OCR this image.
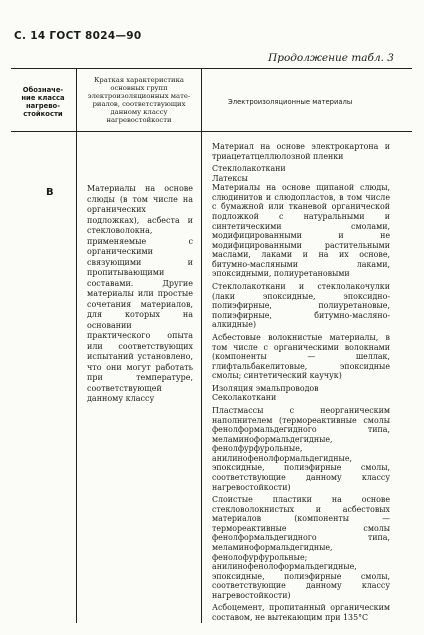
С. 14 ГОСТ 8024—90
Продолжение табл. 3
Обозначе-
ние класса
нагрево-
стойкости
Краткая характеристика
основных групп
электроизоляционных мате-
риалов, соответствующих
данному классу
нагревостойкости
Электроизоляционные материалы
В	Материалы на основе слюды (в том числе на органических подложках), асбеста и стекловолокна, применяемые с органическими связующими и пропитывающими составами. Другие материалы или простые сочетания материалов, для которых на основании практического опыта или соответствующих испытаний установлено, что они могут работать при температуре, соответствующей данному классу

Материал на основе электрокартона и триацетатцеллюлозной пленки

Стеклолакоткани

Латексы

Материалы на основе щипаной слюды, слюдинитов и слюдопластов, в том числе с бумажной или тканевой органической подложкой с натуральными и синтетическими смолами, модифицированными и не модифицированными растительными маслами, лаками и на их основе, битумно-масляными лаками, эпоксидными, полиуретановыми

Стеклолакоткани и стеклолакочулки (лаки эпоксидные, эпоксидно-полиэфирные, полиуретановые, полиэфирные, битумно-масляно-алкидные)

Асбестовые волокнистые материалы, в том числе с органическими волокнами (компоненты — шеллак, глифтальбакелитовые, эпоксидные смолы; синтетический каучук)

Изоляция эмальпроводов

Секолакоткани

Пластмассы с неорганическим наполнителем (термореактивные смолы фенолформальдегидного типа, меламиноформальдегидные, фенолфурфурольные, анилинофенолформальдегидные, эпоксидные, полиэфирные смолы, соответствующие данному классу нагревостойкости)

Слоистые пластики на основе стекловолокнистых и асбестовых материалов (компоненты — термореактивные смолы фенолформальдегидного типа, меламиноформальдегидные, фенолофурфурольные; анилинофенолоформальдегидные, эпоксидные, полиэфирные смолы, соответствующие данному классу нагревостойкости)

Асбоцемент, пропитанный органическим составом, не вытекающим при 135°С
